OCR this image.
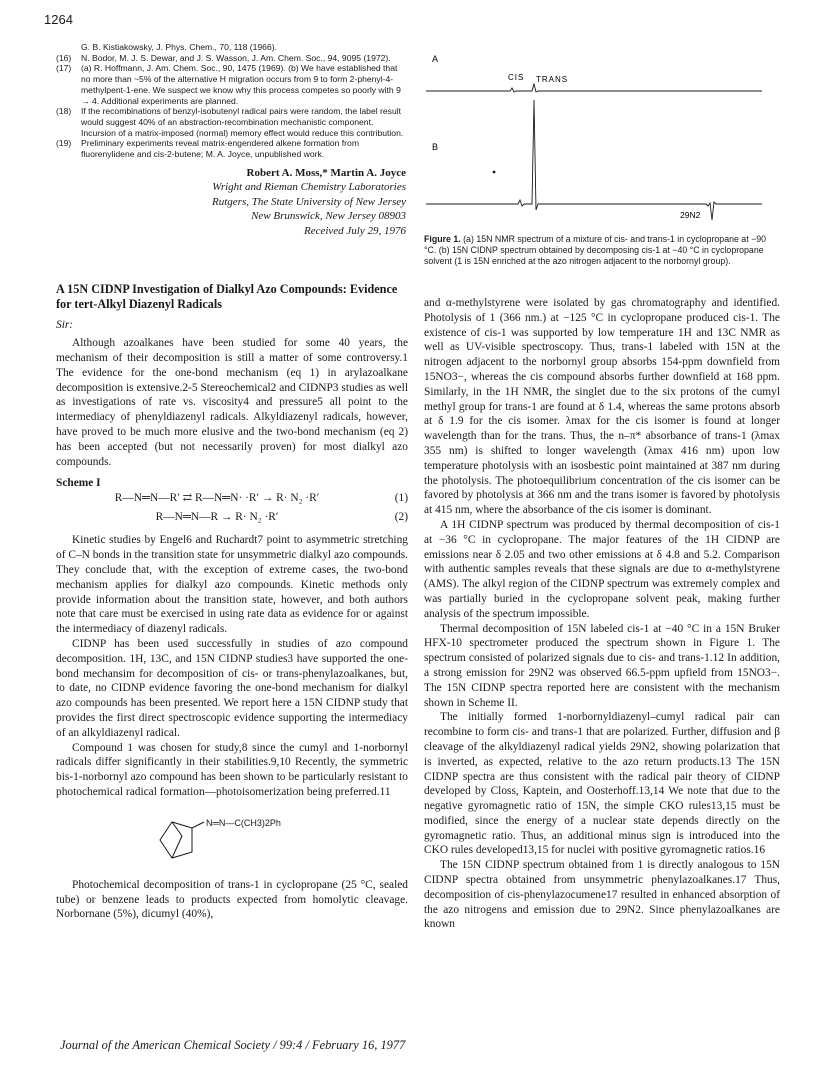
1264
G. B. Kistiakowsky, J. Phys. Chem., 70, 118 (1966).
(16)	N. Bodor, M. J. S. Dewar, and J. S. Wasson, J. Am. Chem. Soc., 94, 9095 (1972).
(17)	(a) R. Hoffmann, J. Am. Chem. Soc., 90, 1475 (1969). (b) We have established that no more than ~5% of the alternative H migration occurs from 9 to form 2-phenyl-4-methylpent-1-ene. We suspect we know why this process competes so poorly with 9 → 4. Additional experiments are planned.
(18)	If the recombinations of benzyl-isobutenyl radical pairs were random, the label result would suggest 40% of an abstraction-recombination mechanistic component. Incursion of a matrix-imposed (normal) memory effect would reduce this contribution.
(19)	Preliminary experiments reveal matrix-engendered alkene formation from fluorenylidene and cis-2-butene; M. A. Joyce, unpublished work.
Robert A. Moss,* Martin A. Joyce
Wright and Rieman Chemistry Laboratories
Rutgers, The State University of New Jersey
New Brunswick, New Jersey 08903
Received July 29, 1976
A 15N CIDNP Investigation of Dialkyl Azo Compounds: Evidence for tert-Alkyl Diazenyl Radicals
Sir:

Although azoalkanes have been studied for some 40 years, the mechanism of their decomposition is still a matter of some controversy.1 The evidence for the one-bond mechanism (eq 1) in arylazoalkane decomposition is extensive.2-5 Stereochemical2 and CIDNP3 studies as well as investigations of rate vs. viscosity4 and pressure5 all point to the intermediacy of phenyldiazenyl radicals. Alkyldiazenyl radicals, however, have proved to be much more elusive and the two-bond mechanism (eq 2) has been accepted (but not necessarily proven) for most dialkyl azo compounds.

Scheme I
R—N═N—R′ ⇄ R—N═N· ·R′ → R· N₂ ·R′	(1)
R—N═N—R → R· N₂ ·R′	(2)

Kinetic studies by Engel6 and Ruchardt7 point to asymmetric stretching of C–N bonds in the transition state for unsymmetric dialkyl azo compounds. They conclude that, with the exception of extreme cases, the two-bond mechanism applies for dialkyl azo compounds. Kinetic methods only provide information about the transition state, however, and both authors note that care must be exercised in using rate data as evidence for or against the intermediacy of diazenyl radicals.

CIDNP has been used successfully in studies of azo compound decomposition. 1H, 13C, and 15N CIDNP studies3 have supported the one-bond mechansim for decomposition of cis- or trans-phenylazoalkanes, but, to date, no CIDNP evidence favoring the one-bond mechanism for dialkyl azo compounds has been presented. We report here a 15N CIDNP study that provides the first direct spectroscopic evidence supporting the intermediacy of an alkyldiazenyl radical.

Compound 1 was chosen for study,8 since the cumyl and 1-norbornyl radicals differ significantly in their stabilities.9,10 Recently, the symmetric bis-1-norbornyl azo compound has been shown to be particularly resistant to photochemical radical formation—photoisomerization being preferred.11

N═N—C(CH3)2Ph

Photochemical decomposition of trans-1 in cyclopropane (25 °C, sealed tube) or benzene leads to products expected from homolytic cleavage. Norbornane (5%), dicumyl (40%),

A
CIS TRANS
B
29N2
Figure 1. (a) 15N NMR spectrum of a mixture of cis- and trans-1 in cyclopropane at −90 °C. (b) 15N CIDNP spectrum obtained by decomposing cis-1 at −40 °C in cyclopropane solvent (1 is 15N enriched at the azo nitrogen adjacent to the norbornyl group).

and α-methylstyrene were isolated by gas chromatography and identified. Photolysis of 1 (366 nm.) at −125 °C in cyclopropane produced cis-1. The existence of cis-1 was supported by low temperature 1H and 13C NMR as well as UV-visible spectroscopy. Thus, trans-1 labeled with 15N at the nitrogen adjacent to the norbornyl group absorbs 154-ppm downfield from 15NO3−, whereas the cis compound absorbs further downfield at 168 ppm. Similarly, in the 1H NMR, the singlet due to the six protons of the cumyl methyl group for trans-1 are found at δ 1.4, whereas the same protons absorb at δ 1.9 for the cis isomer. λmax for the cis isomer is found at longer wavelength than for the trans. Thus, the n–π* absorbance of trans-1 (λmax 355 nm) is shifted to longer wavelength (λmax 416 nm) upon low temperature photolysis with an isosbestic point maintained at 387 nm during the photolysis. The photoequilibrium concentration of the cis isomer can be favored by photolysis at 366 nm and the trans isomer is favored by photolysis at 415 nm, where the absorbance of the cis isomer is dominant.

A 1H CIDNP spectrum was produced by thermal decomposition of cis-1 at −36 °C in cyclopropane. The major features of the 1H CIDNP are emissions near δ 2.05 and two other emissions at δ 4.8 and 5.2. Comparison with authentic samples reveals that these signals are due to α-methylstyrene (AMS). The alkyl region of the CIDNP spectrum was extremely complex and was partially buried in the cyclopropane solvent peak, making further analysis of the spectrum impossible.

Thermal decomposition of 15N labeled cis-1 at −40 °C in a 15N Bruker HFX-10 spectrometer produced the spectrum shown in Figure 1. The spectrum consisted of polarized signals due to cis- and trans-1.12 In addition, a strong emission for 29N2 was observed 66.5-ppm upfield from 15NO3−. The 15N CIDNP spectra reported here are consistent with the mechanism shown in Scheme II.

The initially formed 1-norbornyldiazenyl–cumyl radical pair can recombine to form cis- and trans-1 that are polarized. Further, diffusion and β cleavage of the alkyldiazenyl radical yields 29N2, showing polarization that is inverted, as expected, relative to the azo return products.13 The 15N CIDNP spectra are thus consistent with the radical pair theory of CIDNP developed by Closs, Kaptein, and Oosterhoff.13,14 We note that due to the negative gyromagnetic ratio of 15N, the simple CKO rules13,15 must be modified, since the energy of a nuclear state depends directly on the gyromagnetic ratio. Thus, an additional minus sign is introduced into the CKO rules developed13,15 for nuclei with positive gyromagnetic ratios.16

The 15N CIDNP spectrum obtained from 1 is directly analogous to 15N CIDNP spectra obtained from unsymmetric phenylazoalkanes.17 Thus, decomposition of cis-phenylazocumene17 resulted in enhanced absorption of the azo nitrogens and emission due to 29N2. Since phenylazoalkanes are known

Journal of the American Chemical Society / 99:4 / February 16, 1977
